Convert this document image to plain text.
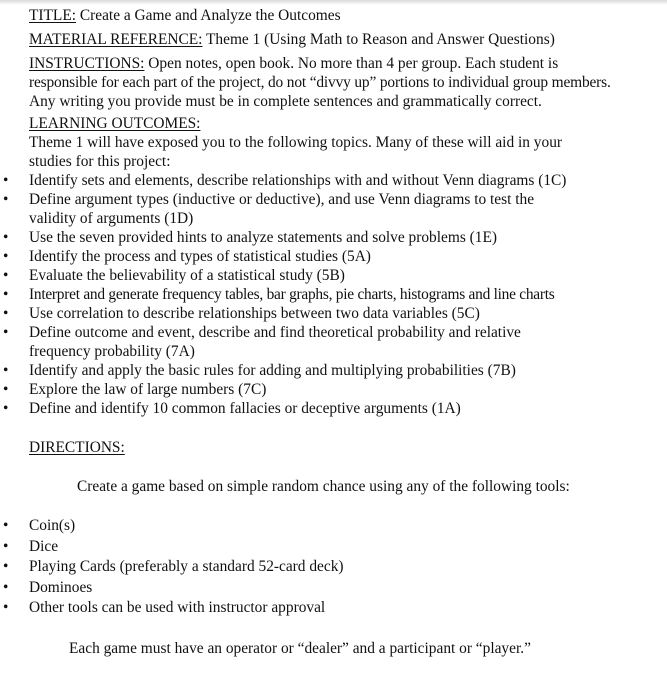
TITLE: Create a Game and Analyze the Outcomes

MATERIAL REFERENCE: Theme 1 (Using Math to Reason and Answer Questions)

INSTRUCTIONS: Open notes, open book. No more than 4 per group. Each student is
responsible for each part of the project, do not “divvy up” portions to individual group members.
Any writing you provide must be in complete sentences and grammatically correct.
LEARNING OUTCOMES:
Theme 1 will have exposed you to the following topics. Many of these will aid in your
studies for this project:
• Identify sets and elements, describe relationships with and without Venn diagrams (1C)
• Define argument types (inductive or deductive), and use Venn diagrams to test the validity of arguments (1D)
• Use the seven provided hints to analyze statements and solve problems (1E)
• Identify the process and types of statistical studies (5A)
• Evaluate the believability of a statistical study (5B)
• Interpret and generate frequency tables, bar graphs, pie charts, histograms and line charts
• Use correlation to describe relationships between two data variables (5C)
• Define outcome and event, describe and find theoretical probability and relative frequency probability (7A)
• Identify and apply the basic rules for adding and multiplying probabilities (7B)
• Explore the law of large numbers (7C)
• Define and identify 10 common fallacies or deceptive arguments (1A)
DIRECTIONS:
Create a game based on simple random chance using any of the following tools:
• Coin(s)
• Dice
• Playing Cards (preferably a standard 52-card deck)
• Dominoes
• Other tools can be used with instructor approval
Each game must have an operator or “dealer” and a participant or “player.”
